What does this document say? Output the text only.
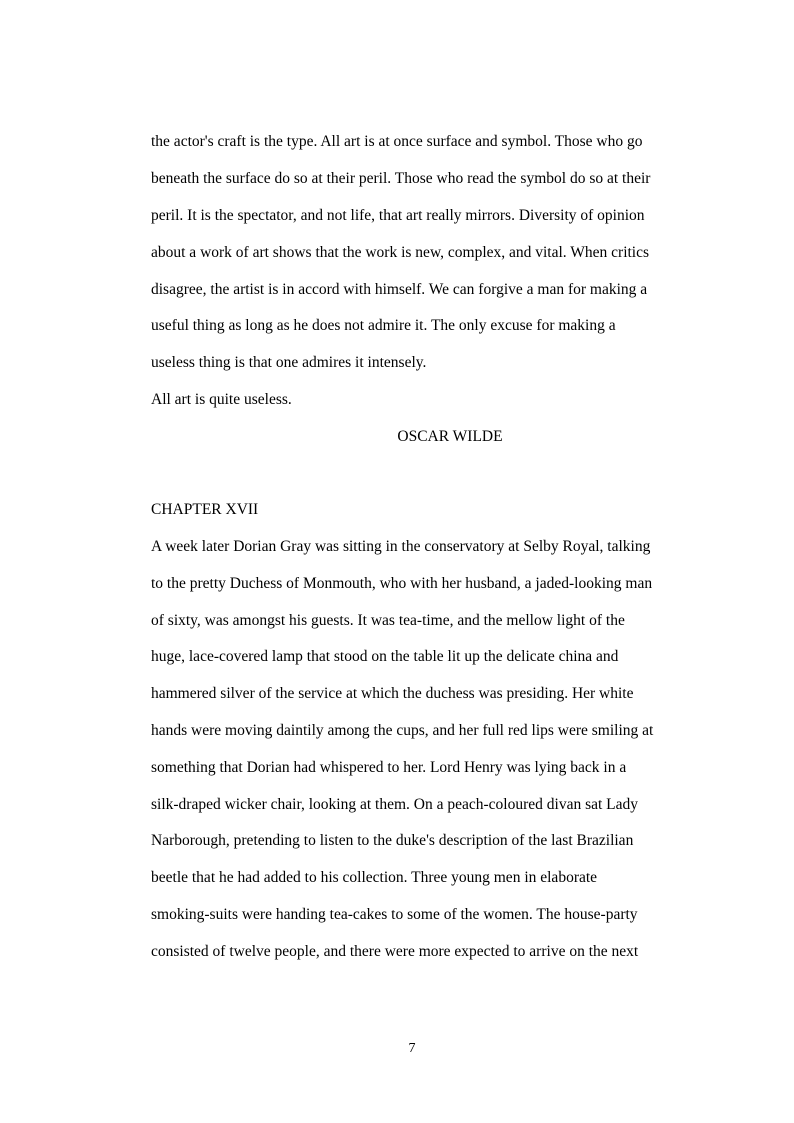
the actor's craft is the type. All art is at once surface and symbol. Those who go

beneath the surface do so at their peril. Those who read the symbol do so at their

peril. It is the spectator, and not life, that art really mirrors. Diversity of opinion

about a work of art shows that the work is new, complex, and vital. When critics

disagree, the artist is in accord with himself. We can forgive a man for making a

useful thing as long as he does not admire it. The only excuse for making a

useless thing is that one admires it intensely.

All art is quite useless.

OSCAR WILDE

CHAPTER XVII

A week later Dorian Gray was sitting in the conservatory at Selby Royal, talking

to the pretty Duchess of Monmouth, who with her husband, a jaded-looking man

of sixty, was amongst his guests. It was tea-time, and the mellow light of the

huge, lace-covered lamp that stood on the table lit up the delicate china and

hammered silver of the service at which the duchess was presiding. Her white

hands were moving daintily among the cups, and her full red lips were smiling at

something that Dorian had whispered to her. Lord Henry was lying back in a

silk-draped wicker chair, looking at them. On a peach-coloured divan sat Lady

Narborough, pretending to listen to the duke's description of the last Brazilian

beetle that he had added to his collection. Three young men in elaborate

smoking-suits were handing tea-cakes to some of the women. The house-party

consisted of twelve people, and there were more expected to arrive on the next

7
